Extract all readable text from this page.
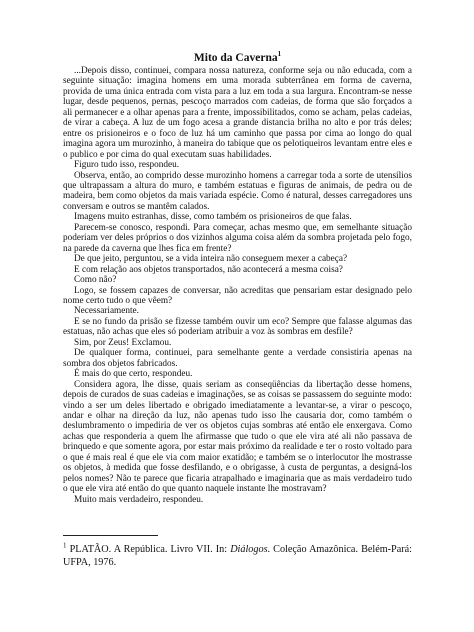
Mito da Caverna$^1$

...Depois disso, continuei, compara nossa natureza, conforme seja ou não educada, com a seguinte situação: imagina homens em uma morada subterrânea em forma de caverna, provida de uma única entrada com vista para a luz em toda a sua largura. Encontram-se nesse lugar, desde pequenos, pernas, pescoço marrados com cadeias, de forma que são forçados a ali permanecer e a olhar apenas para a frente, impossibilitados, como se acham, pelas cadeias, de virar a cabeça. A luz de um fogo acesa a grande distancia brilha no alto e por trás deles; entre os prisioneiros e o foco de luz há um caminho que passa por cima ao longo do qual imagina agora um murozinho, à maneira do tabique que os pelotiqueiros levantam entre eles e o publico e por cima do qual executam suas habilidades.

Figuro tudo isso, respondeu.

Observa, então, ao comprido desse murozinho homens a carregar toda a sorte de utensílios que ultrapassam a altura do muro, e também estatuas e figuras de animais, de pedra ou de madeira, bem como objetos da mais variada espécie. Como é natural, desses carregadores uns conversam e outros se mantêm calados.

Imagens muito estranhas, disse, como também os prisioneiros de que falas.

Parecem-se conosco, respondi. Para começar, achas mesmo que, em semelhante situação poderiam ver deles próprios o dos vizinhos alguma coisa além da sombra projetada pelo fogo, na parede da caverna que lhes fica em frente?

De que jeito, perguntou, se a vida inteira não conseguem mexer a cabeça?

E com relação aos objetos transportados, não acontecerá a mesma coisa?

Como não?

Logo, se fossem capazes de conversar, não acreditas que pensariam estar designado pelo nome certo tudo o que vêem?

Necessariamente.

E se no fundo da prisão se fizesse também ouvir um eco? Sempre que falasse algumas das estatuas, não achas que eles só poderiam atribuir a voz às sombras em desfile?

Sim, por Zeus! Exclamou.

De qualquer forma, continuei, para semelhante gente a verdade consistiria apenas na sombra dos objetos fabricados.

É mais do que certo, respondeu.

Considera agora, lhe disse, quais seriam as conseqüências da libertação desse homens, depois de curados de suas cadeias e imaginações, se as coisas se passassem do seguinte modo: vindo a ser um deles libertado e obrigado imediatamente a levantar-se, a virar o pescoço, andar e olhar na direção da luz, não apenas tudo isso lhe causaria dor, como também o deslumbramento o impediria de ver os objetos cujas sombras até então ele enxergava. Como achas que responderia a quem lhe afirmasse que tudo o que ele vira até ali não passava de brinquedo e que somente agora, por estar mais próximo da realidade e ter o rosto voltado para o que é mais real é que ele via com maior exatidão; e também se o interlocutor lhe mostrasse os objetos, à medida que fosse desfilando, e o obrigasse, à custa de perguntas, a designá-los pelos nomes? Não te parece que ficaria atrapalhado e imaginaria que as mais verdadeiro tudo o que ele vira até então do que quanto naquele instante lhe mostravam?

Muito mais verdadeiro, respondeu.

$^1$ PLATÃO. A República. Livro VII. In: Diálogos. Coleção Amazônica. Belém-Pará: UFPA, 1976.
